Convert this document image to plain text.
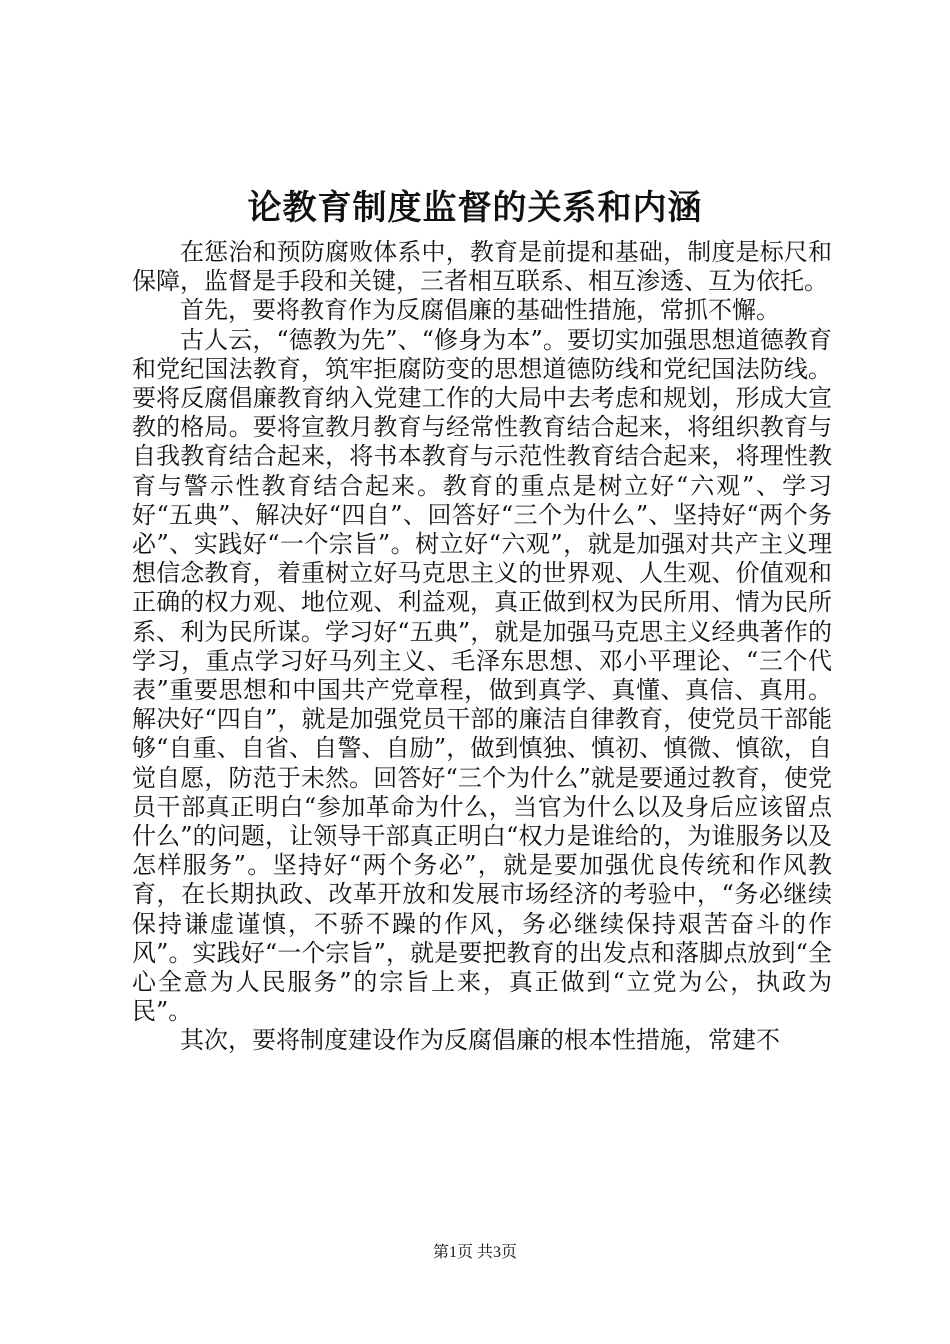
论教育制度监督的关系和内涵

在惩治和预防腐败体系中，教育是前提和基础，制度是标尺和保障，监督是手段和关键，三者相互联系、相互渗透、互为依托。

首先，要将教育作为反腐倡廉的基础性措施，常抓不懈。

古人云，“德教为先”、“修身为本”。要切实加强思想道德教育和党纪国法教育，筑牢拒腐防变的思想道德防线和党纪国法防线。要将反腐倡廉教育纳入党建工作的大局中去考虑和规划，形成大宣教的格局。要将宣教月教育与经常性教育结合起来，将组织教育与自我教育结合起来，将书本教育与示范性教育结合起来，将理性教育与警示性教育结合起来。教育的重点是树立好“六观”、学习好“五典”、解决好“四自”、回答好“三个为什么”、坚持好“两个务必”、实践好“一个宗旨”。树立好“六观”，就是加强对共产主义理想信念教育，着重树立好马克思主义的世界观、人生观、价值观和正确的权力观、地位观、利益观，真正做到权为民所用、情为民所系、利为民所谋。学习好“五典”，就是加强马克思主义经典著作的学习，重点学习好马列主义、毛泽东思想、邓小平理论、“三个代表”重要思想和中国共产党章程，做到真学、真懂、真信、真用。解决好“四自”，就是加强党员干部的廉洁自律教育，使党员干部能够“自重、自省、自警、自励”，做到慎独、慎初、慎微、慎欲，自觉自愿，防范于未然。回答好“三个为什么”就是要通过教育，使党员干部真正明白“参加革命为什么，当官为什么以及身后应该留点什么”的问题，让领导干部真正明白“权力是谁给的，为谁服务以及怎样服务”。坚持好“两个务必”，就是要加强优良传统和作风教育，在长期执政、改革开放和发展市场经济的考验中，“务必继续保持谦虚谨慎，不骄不躁的作风，务必继续保持艰苦奋斗的作风”。实践好“一个宗旨”，就是要把教育的出发点和落脚点放到“全心全意为人民服务”的宗旨上来，真正做到“立党为公，执政为民”。

其次，要将制度建设作为反腐倡廉的根本性措施，常建不

第1页 共3页
